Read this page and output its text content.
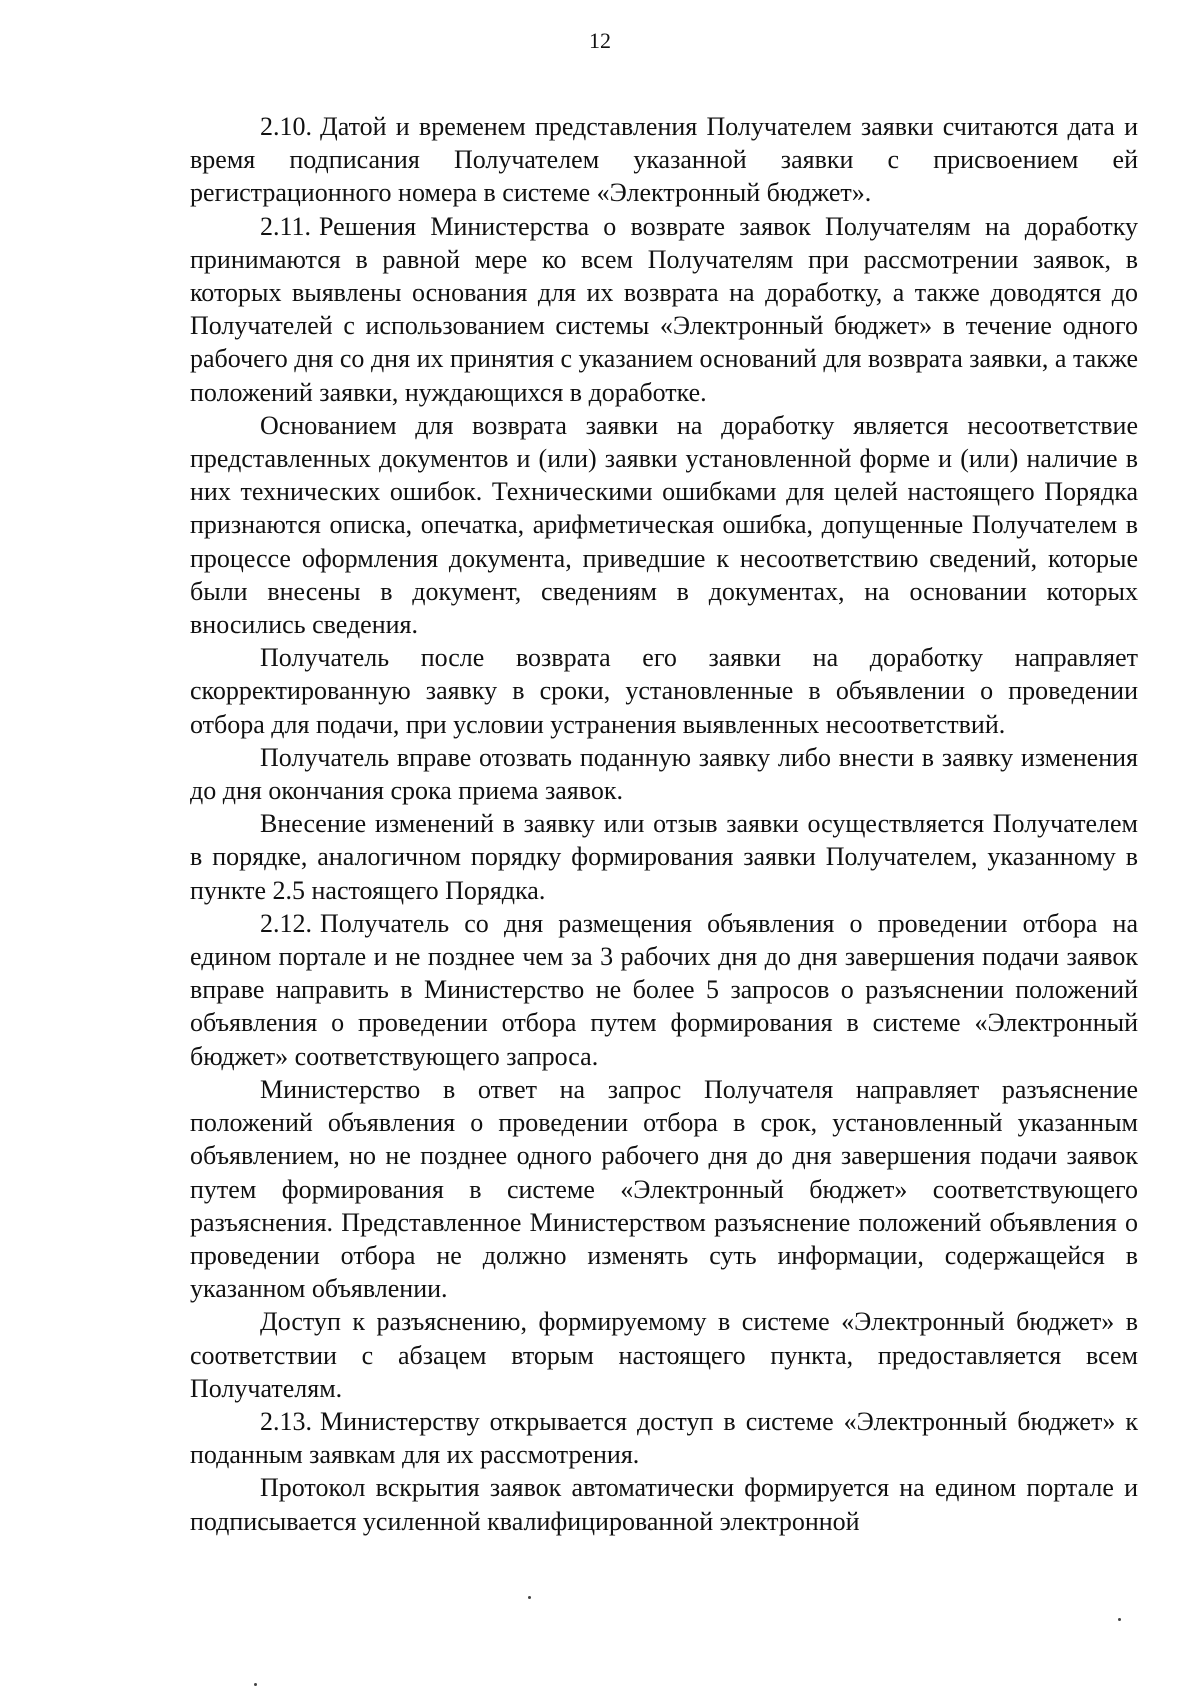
12

2.10. Датой и временем представления Получателем заявки считаются дата и время подписания Получателем указанной заявки с присвоением ей регистрационного номера в системе «Электронный бюджет».

2.11. Решения Министерства о возврате заявок Получателям на доработку принимаются в равной мере ко всем Получателям при рассмотрении заявок, в которых выявлены основания для их возврата на доработку, а также доводятся до Получателей с использованием системы «Электронный бюджет» в течение одного рабочего дня со дня их принятия с указанием оснований для возврата заявки, а также положений заявки, нуждающихся в доработке.

Основанием для возврата заявки на доработку является несоответствие представленных документов и (или) заявки установленной форме и (или) наличие в них технических ошибок. Техническими ошибками для целей настоящего Порядка признаются описка, опечатка, арифметическая ошибка, допущенные Получателем в процессе оформления документа, приведшие к несоответствию сведений, которые были внесены в документ, сведениям в документах, на основании которых вносились сведения.

Получатель после возврата его заявки на доработку направляет скорректированную заявку в сроки, установленные в объявлении о проведении отбора для подачи, при условии устранения выявленных несоответствий.

Получатель вправе отозвать поданную заявку либо внести в заявку изменения до дня окончания срока приема заявок.

Внесение изменений в заявку или отзыв заявки осуществляется Получателем в порядке, аналогичном порядку формирования заявки Получателем, указанному в пункте 2.5 настоящего Порядка.

2.12. Получатель со дня размещения объявления о проведении отбора на едином портале и не позднее чем за 3 рабочих дня до дня завершения подачи заявок вправе направить в Министерство не более 5 запросов о разъяснении положений объявления о проведении отбора путем формирования в системе «Электронный бюджет» соответствующего запроса.

Министерство в ответ на запрос Получателя направляет разъяснение положений объявления о проведении отбора в срок, установленный указанным объявлением, но не позднее одного рабочего дня до дня завершения подачи заявок путем формирования в системе «Электронный бюджет» соответствующего разъяснения. Представленное Министерством разъяснение положений объявления о проведении отбора не должно изменять суть информации, содержащейся в указанном объявлении.

Доступ к разъяснению, формируемому в системе «Электронный бюджет» в соответствии с абзацем вторым настоящего пункта, предоставляется всем Получателям.

2.13. Министерству открывается доступ в системе «Электронный бюджет» к поданным заявкам для их рассмотрения.

Протокол вскрытия заявок автоматически формируется на едином портале и подписывается усиленной квалифицированной электронной
